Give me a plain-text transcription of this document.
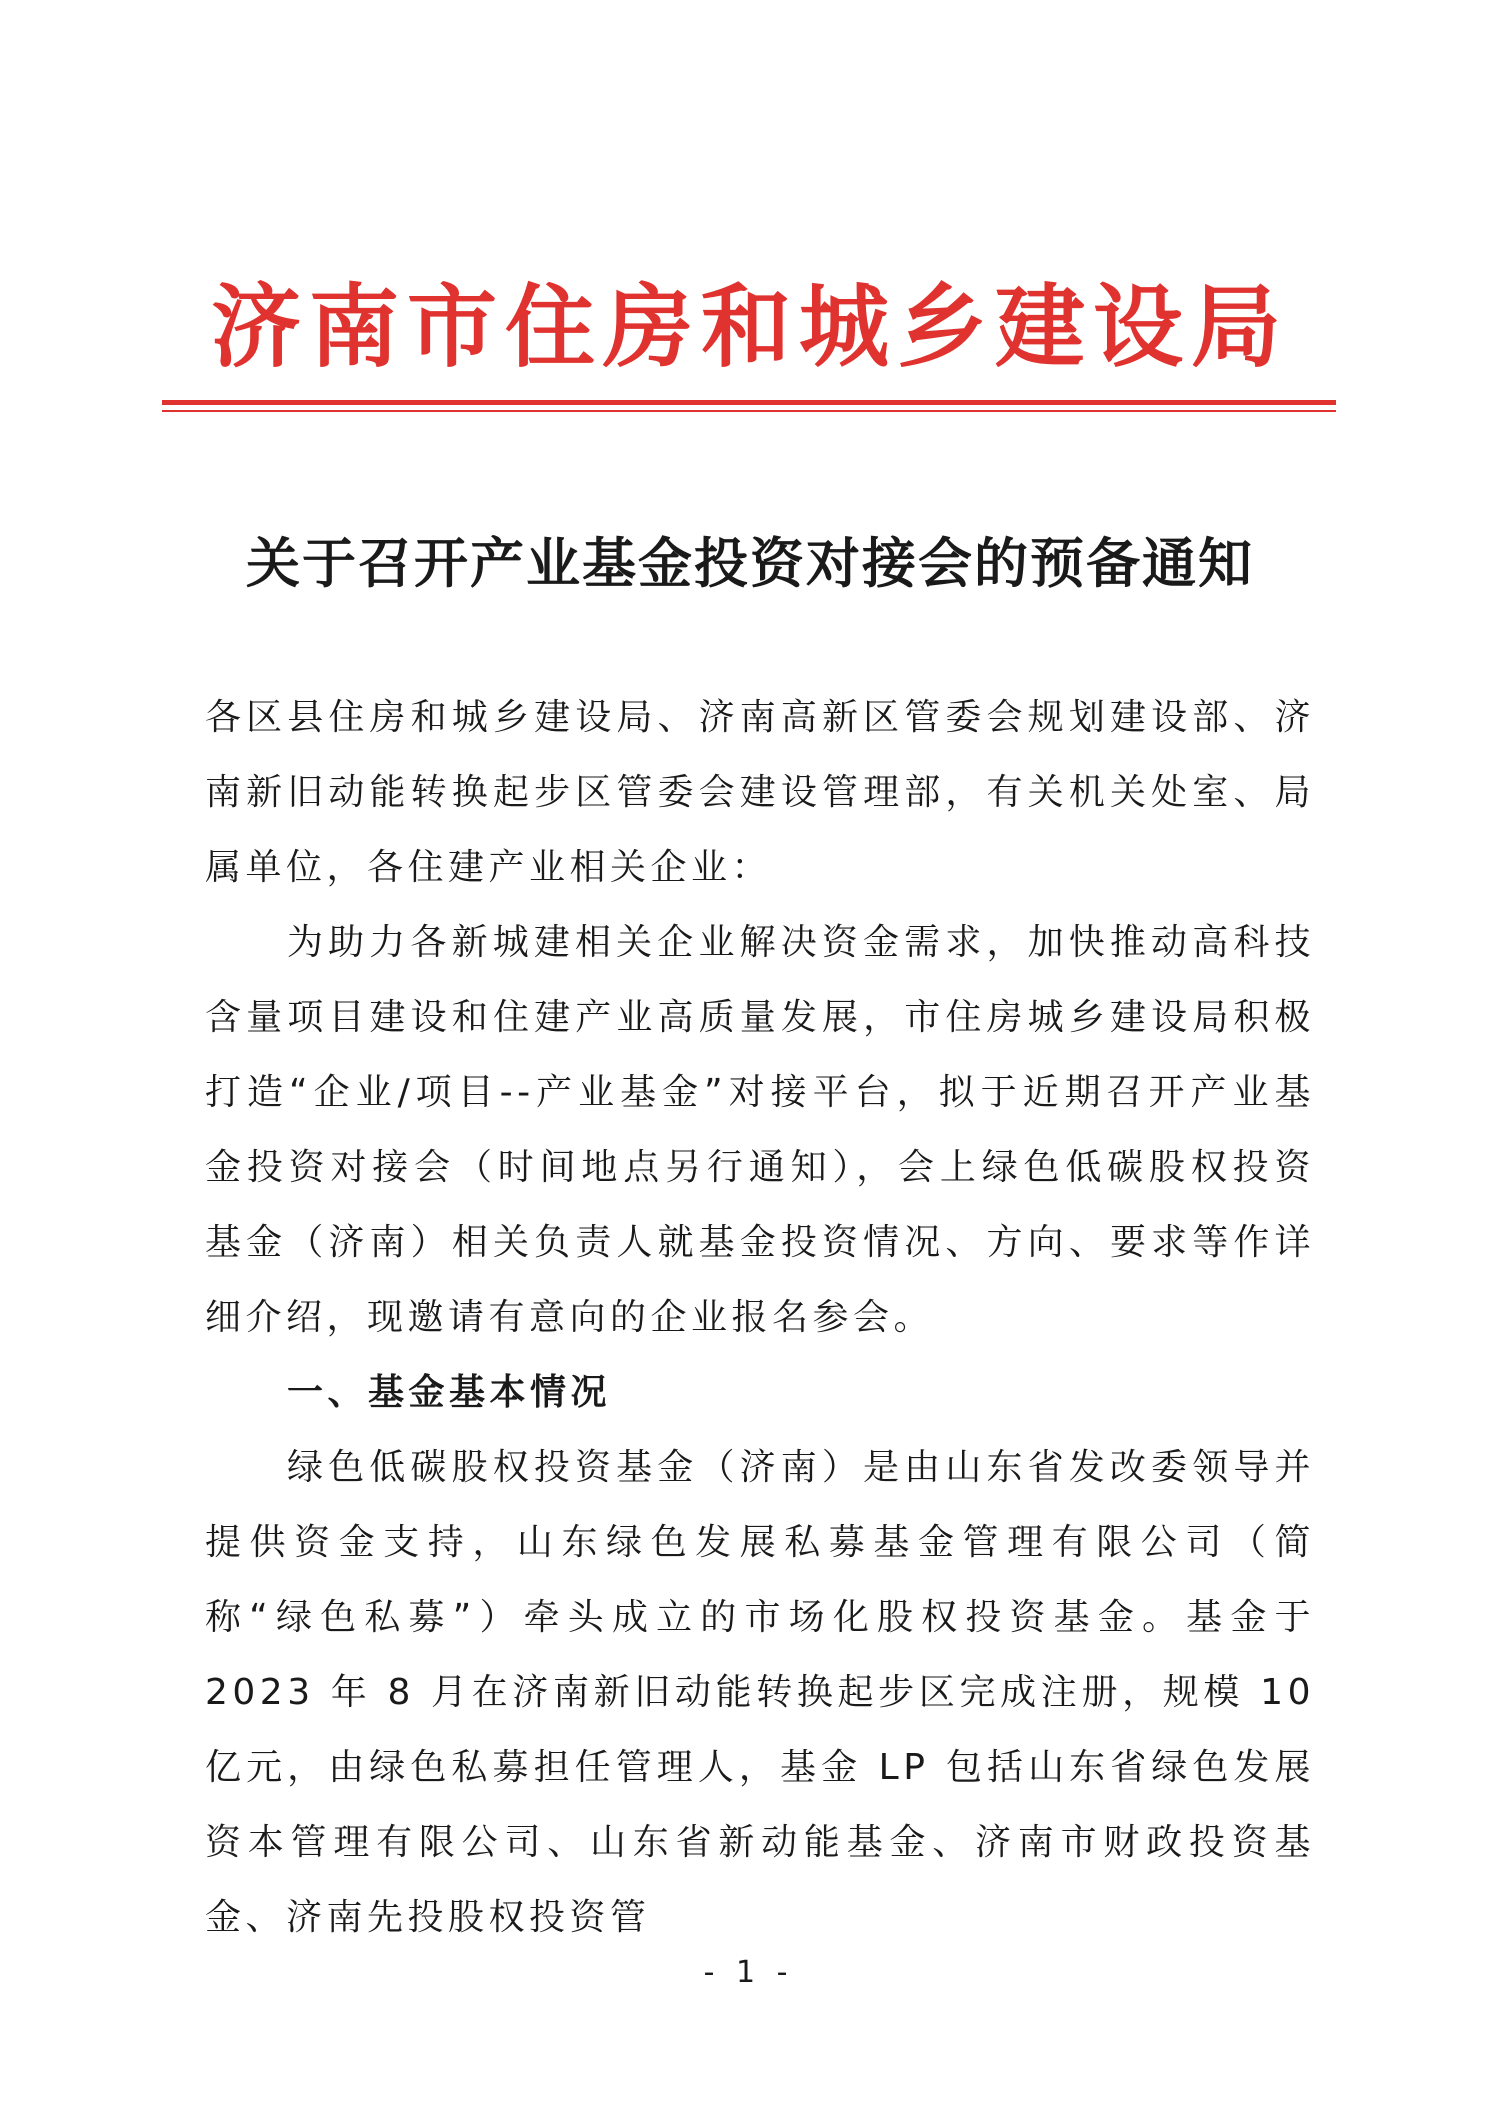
济南市住房和城乡建设局
关于召开产业基金投资对接会的预备通知

各区县住房和城乡建设局、济南高新区管委会规划建设部、济南新旧动能转换起步区管委会建设管理部，有关机关处室、局属单位，各住建产业相关企业：

为助力各新城建相关企业解决资金需求，加快推动高科技含量项目建设和住建产业高质量发展，市住房城乡建设局积极打造“企业/项目--产业基金”对接平台，拟于近期召开产业基金投资对接会（时间地点另行通知），会上绿色低碳股权投资基金（济南）相关负责人就基金投资情况、方向、要求等作详细介绍，现邀请有意向的企业报名参会。

一、基金基本情况

绿色低碳股权投资基金（济南）是由山东省发改委领导并提供资金支持，山东绿色发展私募基金管理有限公司（简称“绿色私募”）牵头成立的市场化股权投资基金。基金于 2023 年 8 月在济南新旧动能转换起步区完成注册，规模 10 亿元，由绿色私募担任管理人，基金 LP 包括山东省绿色发展资本管理有限公司、山东省新动能基金、济南市财政投资基金、济南先投股权投资管

- 1 -
